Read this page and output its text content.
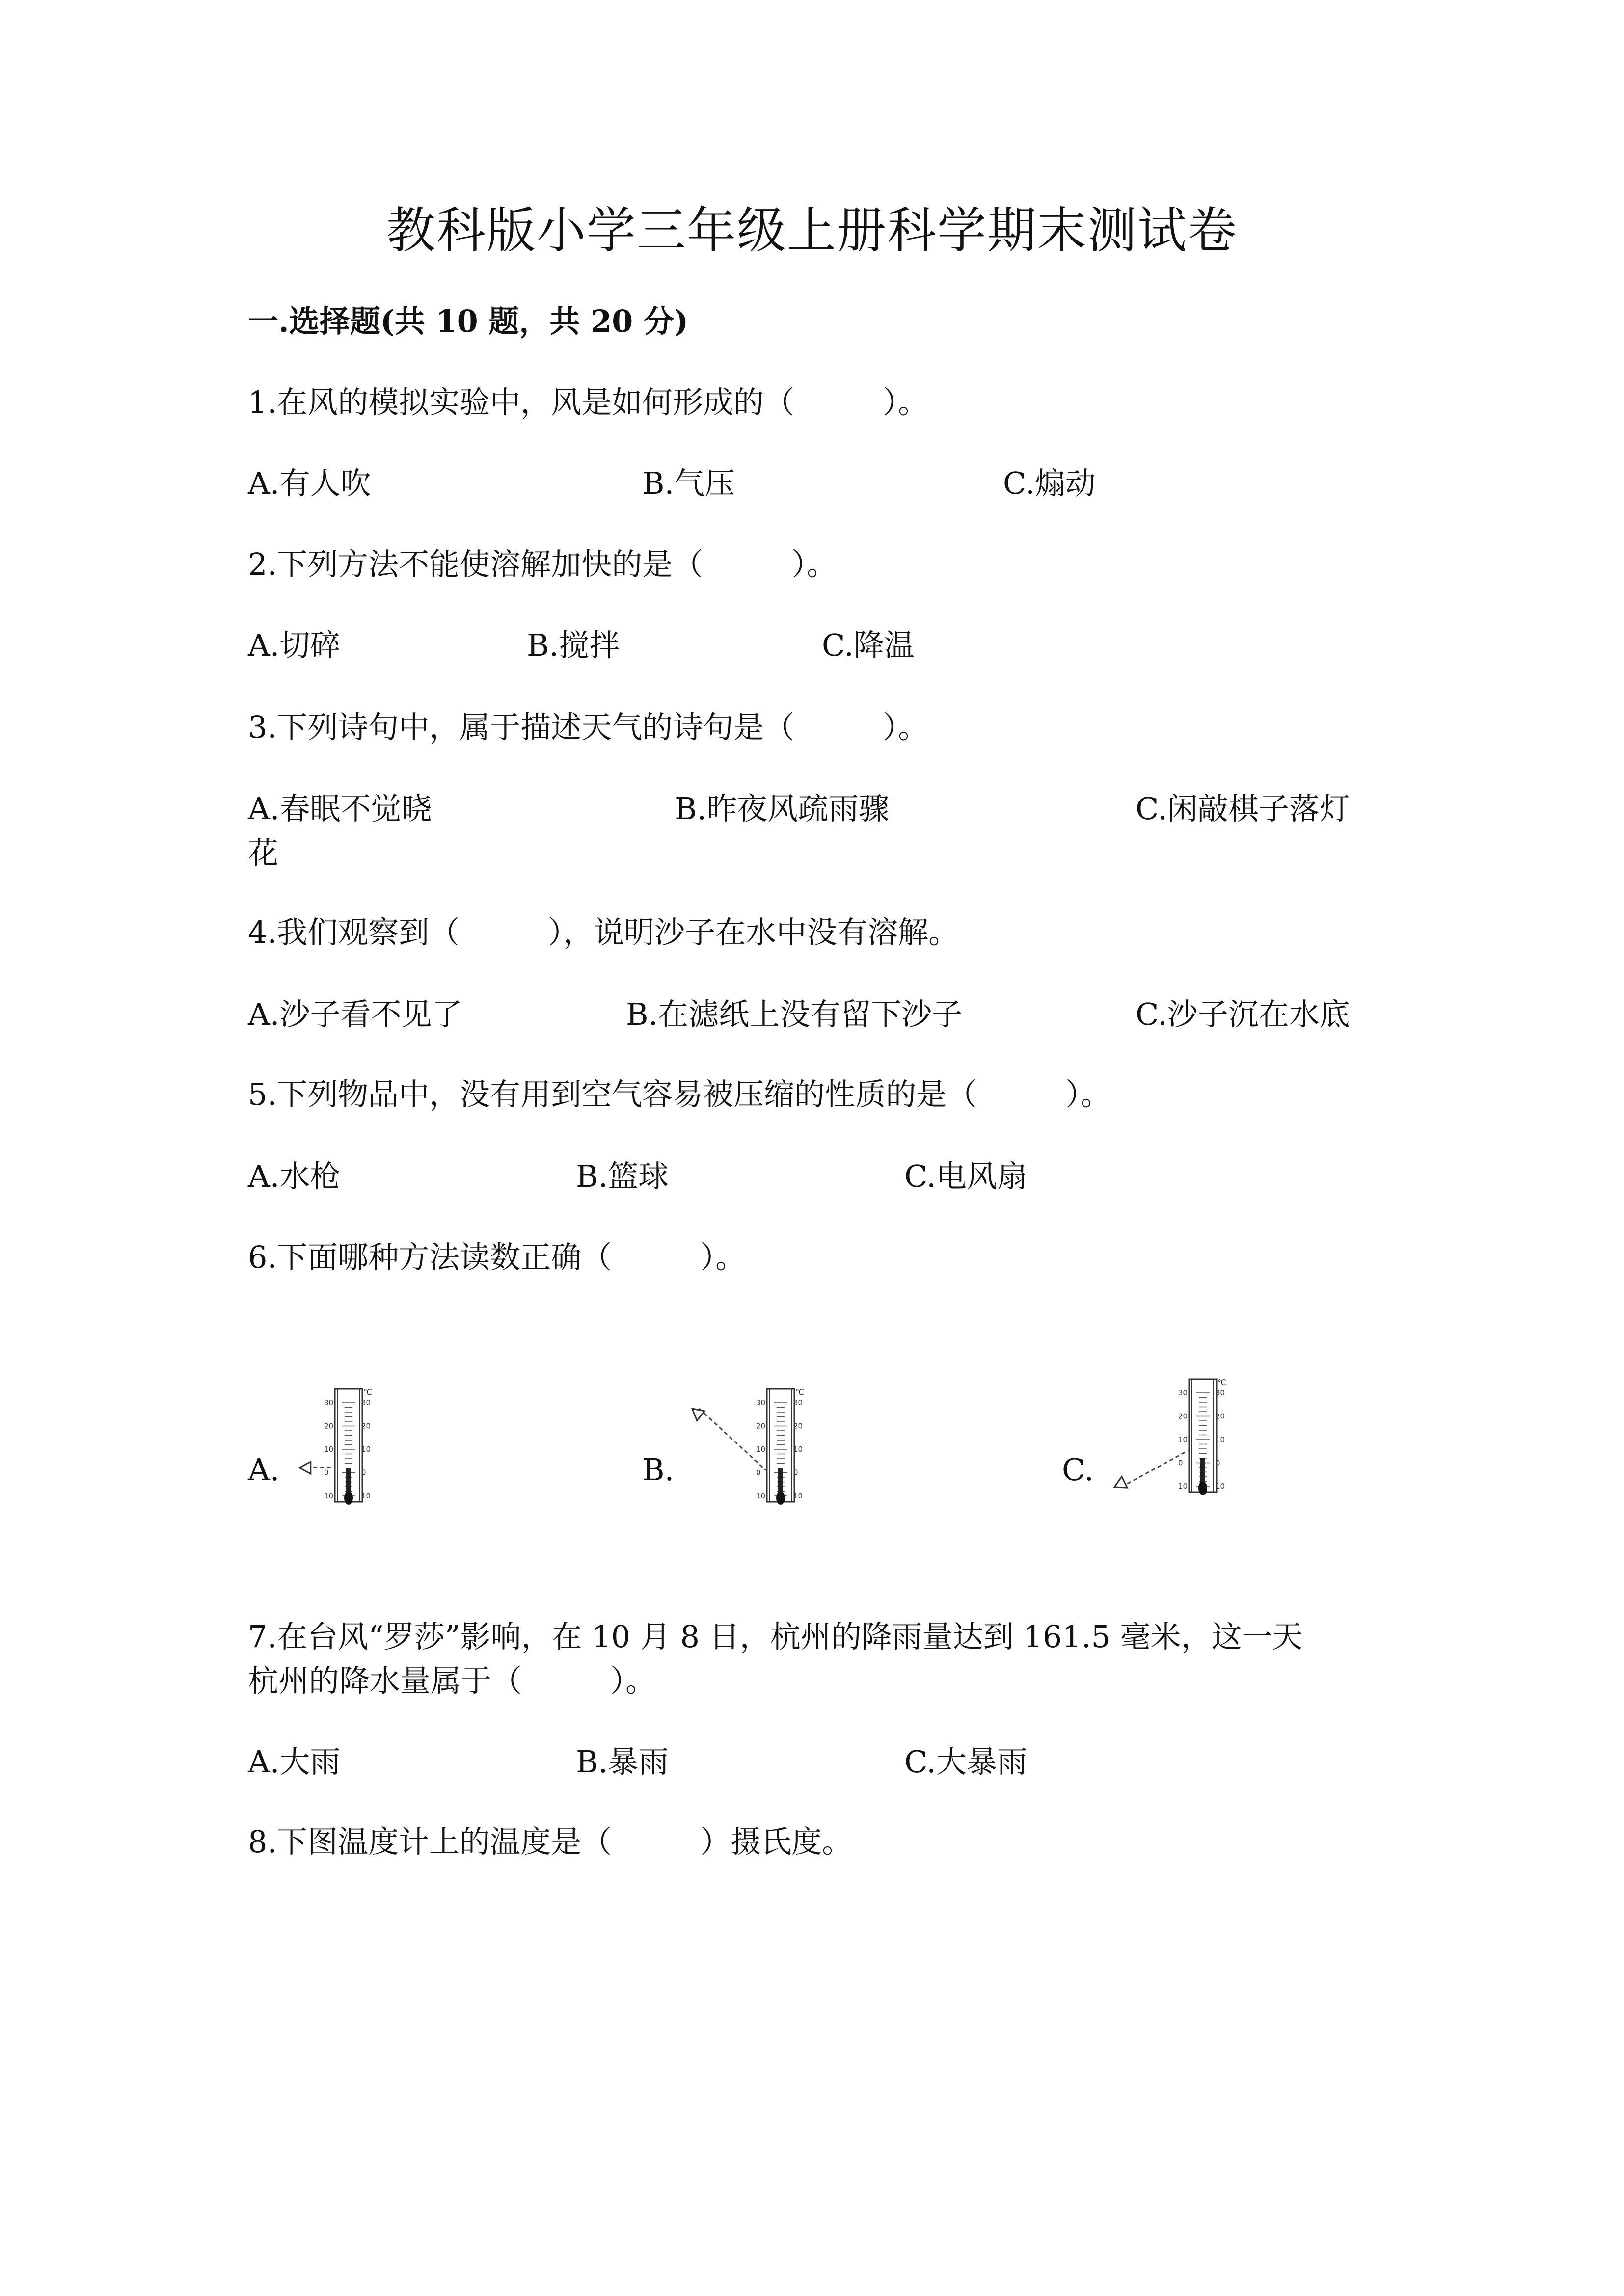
教科版小学三年级上册科学期末测试卷
一.选择题(共 10 题，共 20 分)
1.在风的模拟实验中，风是如何形成的（	）。
A.有人吹	B.气压	C.煽动
2.下列方法不能使溶解加快的是（	）。
A.切碎	B.搅拌	C.降温
3.下列诗句中，属于描述天气的诗句是（	）。
A.春眠不觉晓	B.昨夜风疏雨骤	C.闲敲棋子落灯
花
4.我们观察到（	），说明沙子在水中没有溶解。
A.沙子看不见了	B.在滤纸上没有留下沙子	C.沙子沉在水底
5.下列物品中，没有用到空气容易被压缩的性质的是（	）。
A.水枪	B.篮球	C.电风扇
6.下面哪种方法读数正确（	）。
A.	B.	C.
℃
30	30
20	20
10	10
0	0
10	10
℃
30	30
20	20
10	10
0	0
10	10
℃
30	30
20	20
10	10
0	0
10	10
7.在台风“罗莎”影响，在 10 月 8 日，杭州的降雨量达到 161.5 毫米，这一天
杭州的降水量属于（	）。
A.大雨	B.暴雨	C.大暴雨
8.下图温度计上的温度是（	）摄氏度。
